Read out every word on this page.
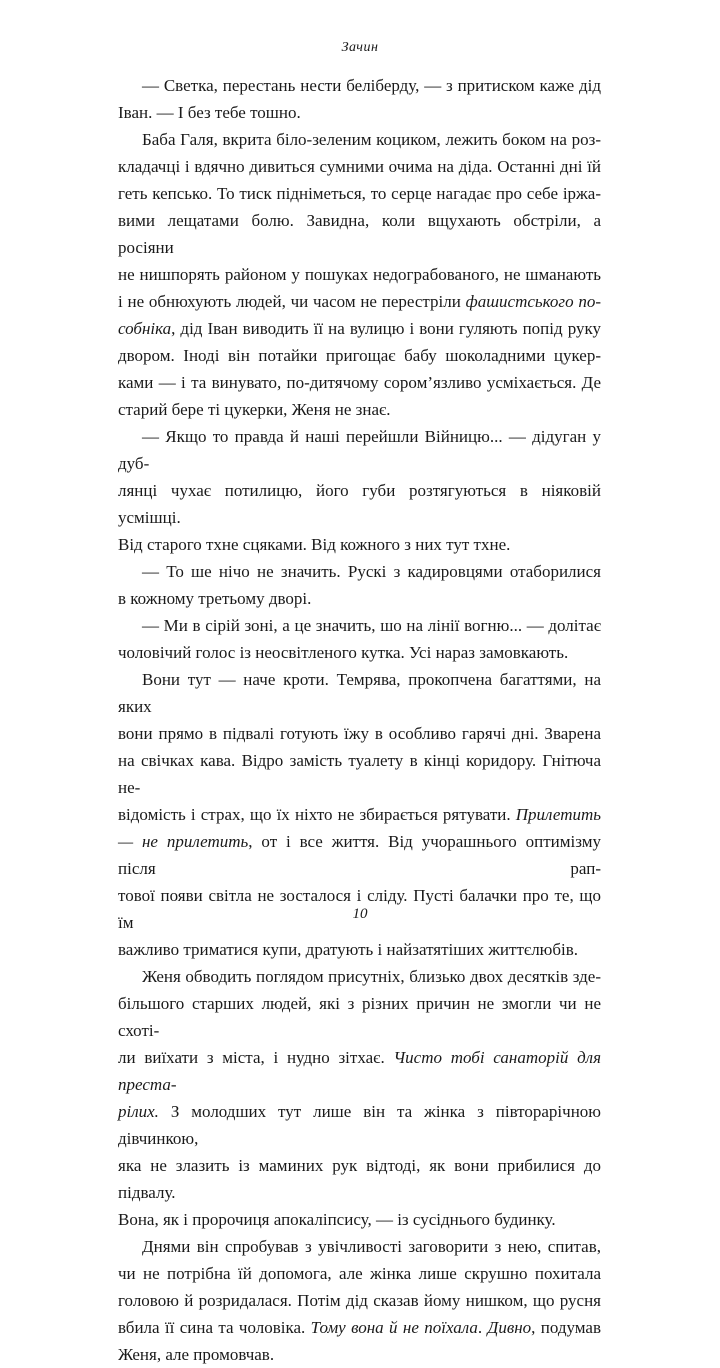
Зачин

— Светка, перестань нести беліберду, — з притиском каже дід
Іван. — І без тебе тошно.

Баба Галя, вкрита біло-зеленим коциком, лежить боком на роз-
кладачці і вдячно дивиться сумними очима на діда. Останні дні їй
геть кепсько. То тиск підніметься, то серце нагадає про себе іржа-
вими лещатами болю. Завидна, коли вщухають обстріли, а росіяни
не нишпорять районом у пошуках недограбованого, не шманають
і не обнюхують людей, чи часом не перестріли фашистського по-
собніка, дід Іван виводить її на вулицю і вони гуляють попід руку
двором. Іноді він потайки пригощає бабу шоколадними цукер-
ками — і та винувато, по-дитячому сором’язливо усміхається. Де
старий бере ті цукерки, Женя не знає.

— Якщо то правда й наші перейшли Війницю... — дідуган у дуб-
лянці чухає потилицю, його губи розтягуються в ніяковій усмішці.
Від старого тхне сцяками. Від кожного з них тут тхне.

— То ше нічо не значить. Рускі з кадировцями отаборилися
в кожному третьому дворі.

— Ми в сірій зоні, а це значить, шо на лінії вогню... — долітає
чоловічий голос із неосвітленого кутка. Усі нараз замовкають.

Вони тут — наче кроти. Темрява, прокопчена багаттями, на яких
вони прямо в підвалі готують їжу в особливо гарячі дні. Зварена
на свічках кава. Відро замість туалету в кінці коридору. Гнітюча не-
відомість і страх, що їх ніхто не збирається рятувати. Прилетить
— не прилетить, от і все життя. Від учорашнього оптимізму після рап-
тової появи світла не зосталося і сліду. Пусті балачки про те, що їм
важливо триматися купи, дратують і найзатятіших життєлюбів.

Женя обводить поглядом присутніх, близько двох десятків зде-
більшого старших людей, які з різних причин не змогли чи не схоті-
ли виїхати з міста, і нудно зітхає. Чисто тобі санаторій для преста-
рілих. З молодших тут лише він та жінка з півторарічною дівчинкою,
яка не злазить із маминих рук відтоді, як вони прибилися до підвалу.
Вона, як і пророчиця апокаліпсису, — із сусіднього будинку.

Днями він спробував з увічливості заговорити з нею, спитав,
чи не потрібна їй допомога, але жінка лише скрушно похитала
головою й розридалася. Потім дід сказав йому нишком, що русня
вбила її сина та чоловіка. Тому вона й не поїхала. Дивно, подумав
Женя, але промовчав.

10
